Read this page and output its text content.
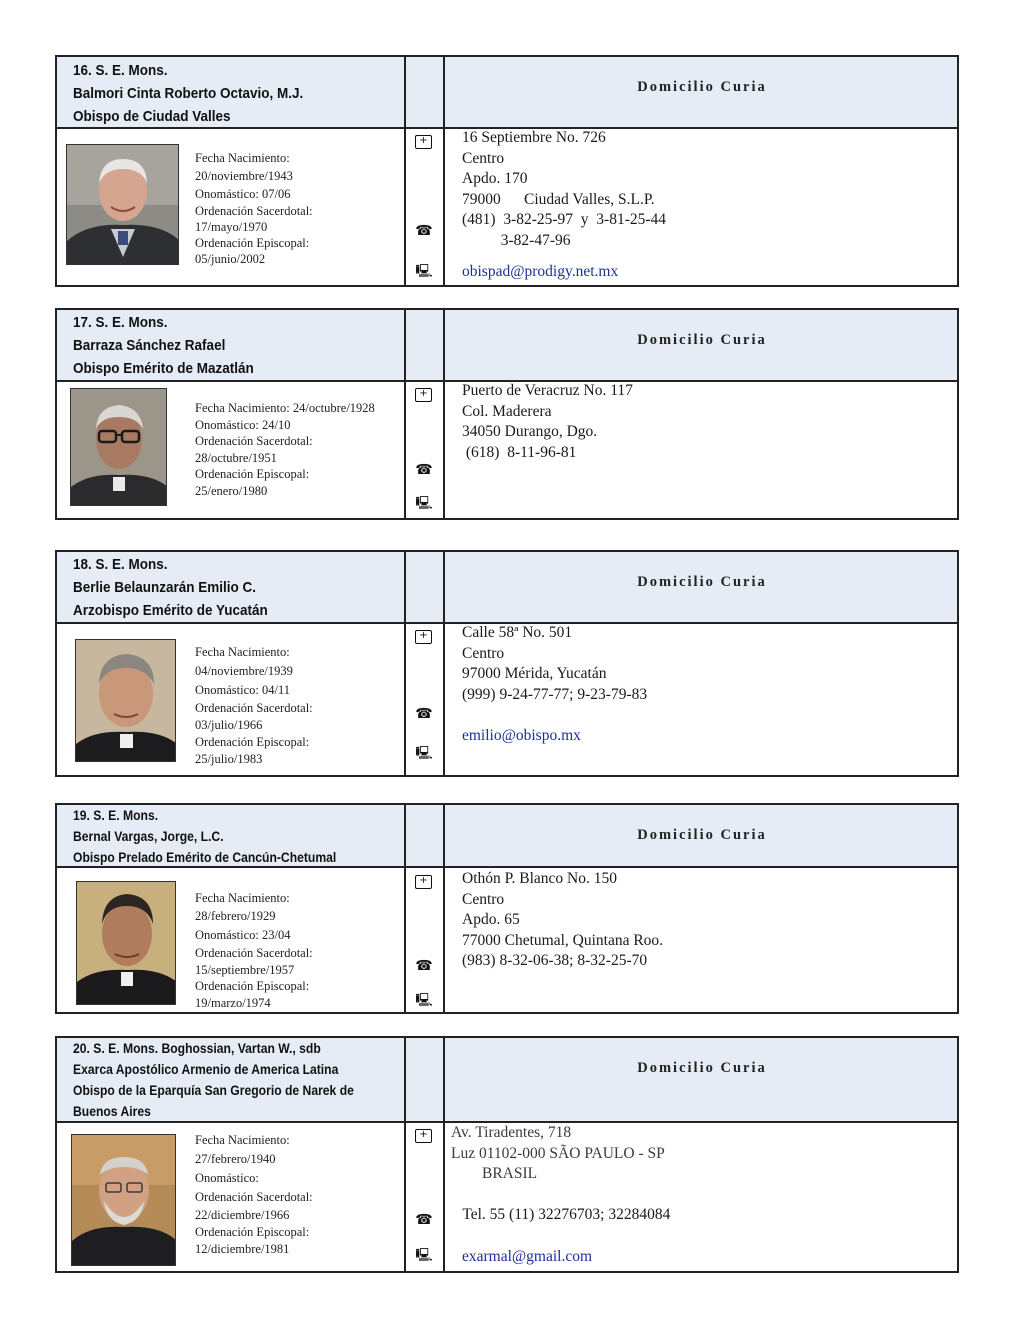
16. S. E. Mons.
Balmori Cinta Roberto Octavio, M.J.
Obispo de Ciudad Valles
Domicilio Curia
Fecha Nacimiento:
20/noviembre/1943
Onomástico: 07/06
Ordenación Sacerdotal:
17/mayo/1970
Ordenación Episcopal:
05/junio/2002
+
☎
🖳
16 Septiembre No. 726
Centro
Apdo. 170
79000      Ciudad Valles, S.L.P.
(481)  3-82-25-97  y  3-81-25-44
3-82-47-96
obispad@prodigy.net.mx
17. S. E. Mons.
Barraza Sánchez Rafael
Obispo Emérito de Mazatlán
Domicilio Curia
Fecha Nacimiento: 24/octubre/1928
Onomástico: 24/10
Ordenación Sacerdotal:
28/octubre/1951
Ordenación Episcopal:
25/enero/1980
+
☎
🖳
Puerto de Veracruz No. 117
Col. Maderera
34050 Durango, Dgo.
(618)  8-11-96-81
18. S. E. Mons.
Berlie Belaunzarán Emilio C.
Arzobispo Emérito de Yucatán
Domicilio Curia
Fecha Nacimiento:
04/noviembre/1939
Onomástico: 04/11
Ordenación Sacerdotal:
03/julio/1966
Ordenación Episcopal:
25/julio/1983
+
☎
🖳
Calle 58ª No. 501
Centro
97000 Mérida, Yucatán
(999) 9-24-77-77; 9-23-79-83
emilio@obispo.mx
19. S. E. Mons.
Bernal Vargas, Jorge, L.C.
Obispo Prelado Emérito de Cancún-Chetumal
Domicilio Curia
Fecha Nacimiento:
28/febrero/1929
Onomástico: 23/04
Ordenación Sacerdotal:
15/septiembre/1957
Ordenación Episcopal:
19/marzo/1974
+
☎
🖳
Othón P. Blanco No. 150
Centro
Apdo. 65
77000 Chetumal, Quintana Roo.
(983) 8-32-06-38; 8-32-25-70
20. S. E. Mons. Boghossian, Vartan W., sdb
Exarca Apostólico Armenio de America Latina
Obispo de la Eparquía San Gregorio de Narek de
Buenos Aires
Domicilio Curia
Fecha Nacimiento:
27/febrero/1940
Onomástico:
Ordenación Sacerdotal:
22/diciembre/1966
Ordenación Episcopal:
12/diciembre/1981
+
☎
🖳
Av. Tiradentes, 718
Luz 01102-000 SÃO PAULO - SP
BRASIL
Tel. 55 (11) 32276703; 32284084
exarmal@gmail.com
